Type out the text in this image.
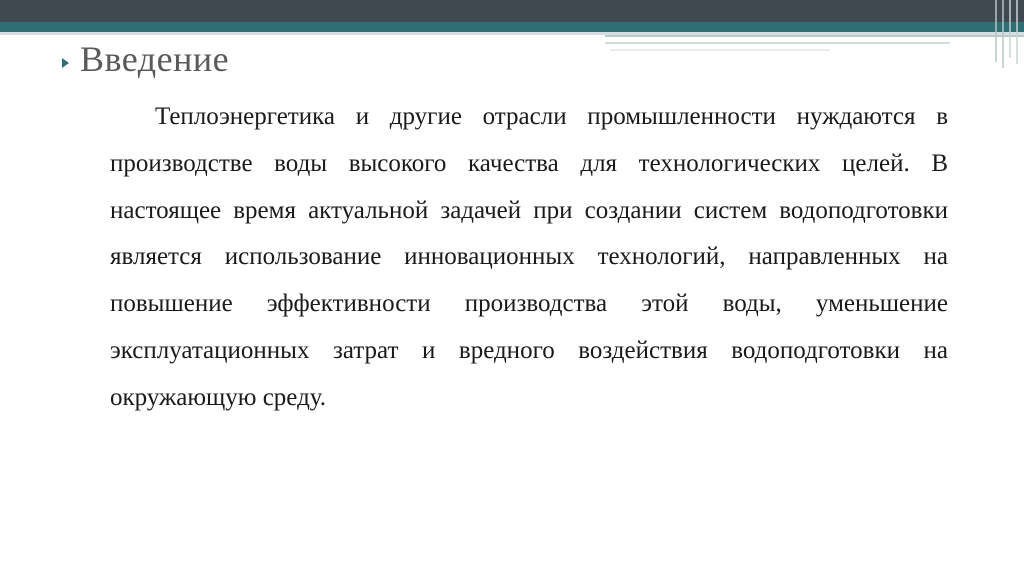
Введение
Теплоэнергетика и другие отрасли промышленности нуждаются в производстве воды высокого качества для технологических целей. В настоящее время актуальной задачей при создании систем водоподготовки является использование инновационных технологий, направленных на повышение эффективности производства этой воды, уменьшение эксплуатационных затрат и вредного воздействия водоподготовки на окружающую среду.
